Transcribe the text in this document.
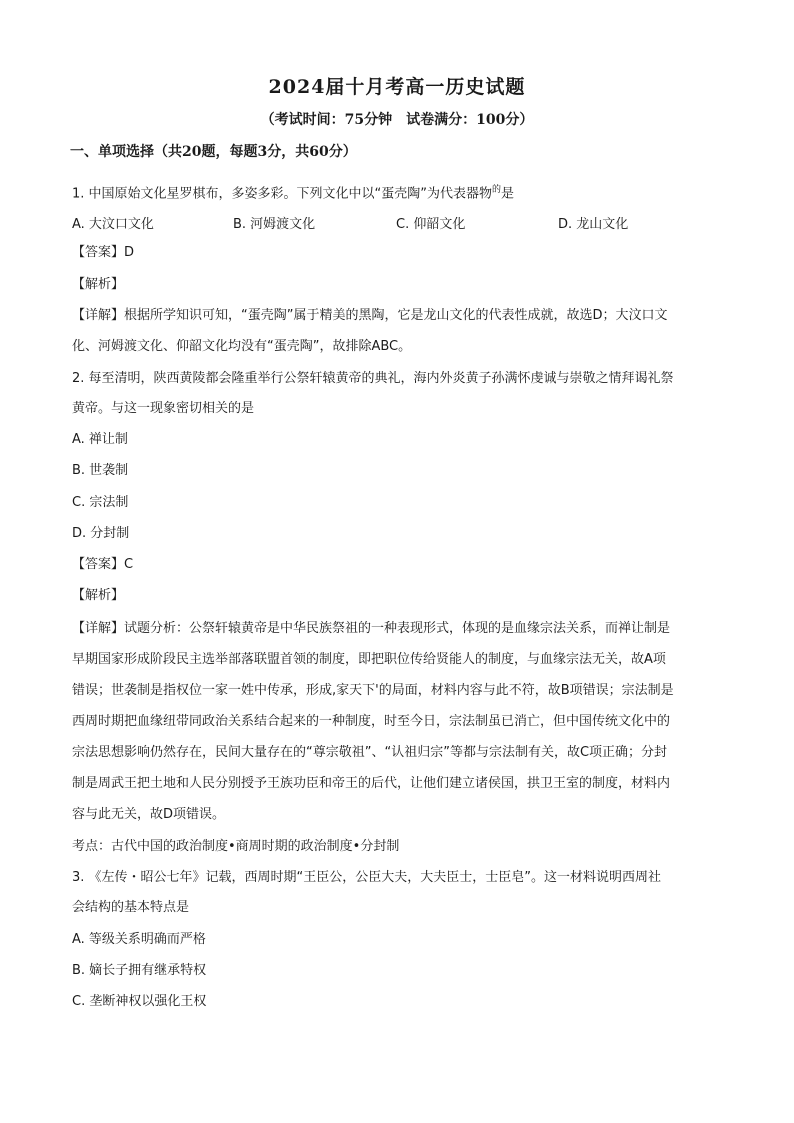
2024届十月考高一历史试题
（考试时间：75分钟　试卷满分：100分）
一、单项选择（共20题，每题3分，共60分）
1. 中国原始文化星罗棋布，多姿多彩。下列文化中以“蛋壳陶”为代表器物$^的$是
A. 大汶口文化	B. 河姆渡文化	C. 仰韶文化	D. 龙山文化
【答案】D
【解析】
【详解】根据所学知识可知，“蛋壳陶”属于精美的黑陶，它是龙山文化的代表性成就，故选D；大汶口文
化、河姆渡文化、仰韶文化均没有“蛋壳陶”，故排除ABC。
2. 每至清明，陕西黄陵都会隆重举行公祭轩辕黄帝的典礼，海内外炎黄子孙满怀虔诚与崇敬之情拜谒礼祭
黄帝。与这一现象密切相关的是
A. 禅让制
B. 世袭制
C. 宗法制
D. 分封制
【答案】C
【解析】
【详解】试题分析：公祭轩辕黄帝是中华民族祭祖的一种表现形式，体现的是血缘宗法关系，而禅让制是
早期国家形成阶段民主选举部落联盟首领的制度，即把职位传给贤能人的制度，与血缘宗法无关，故A项
错误；世袭制是指权位一家一姓中传承，形成,家天下'的局面，材料内容与此不符，故B项错误；宗法制是
西周时期把血缘纽带同政治关系结合起来的一种制度，时至今日，宗法制虽已消亡，但中国传统文化中的
宗法思想影响仍然存在，民间大量存在的“尊宗敬祖”、“认祖归宗”等都与宗法制有关，故C项正确；分封
制是周武王把土地和人民分别授予王族功臣和帝王的后代，让他们建立诸侯国，拱卫王室的制度，材料内
容与此无关，故D项错误。
考点：古代中国的政治制度•商周时期的政治制度•分封制
3. 《左传・昭公七年》记载，西周时期“王臣公，公臣大夫，大夫臣士，士臣皂”。这一材料说明西周社
会结构的基本特点是
A. 等级关系明确而严格
B. 嫡长子拥有继承特权
C. 垄断神权以强化王权
